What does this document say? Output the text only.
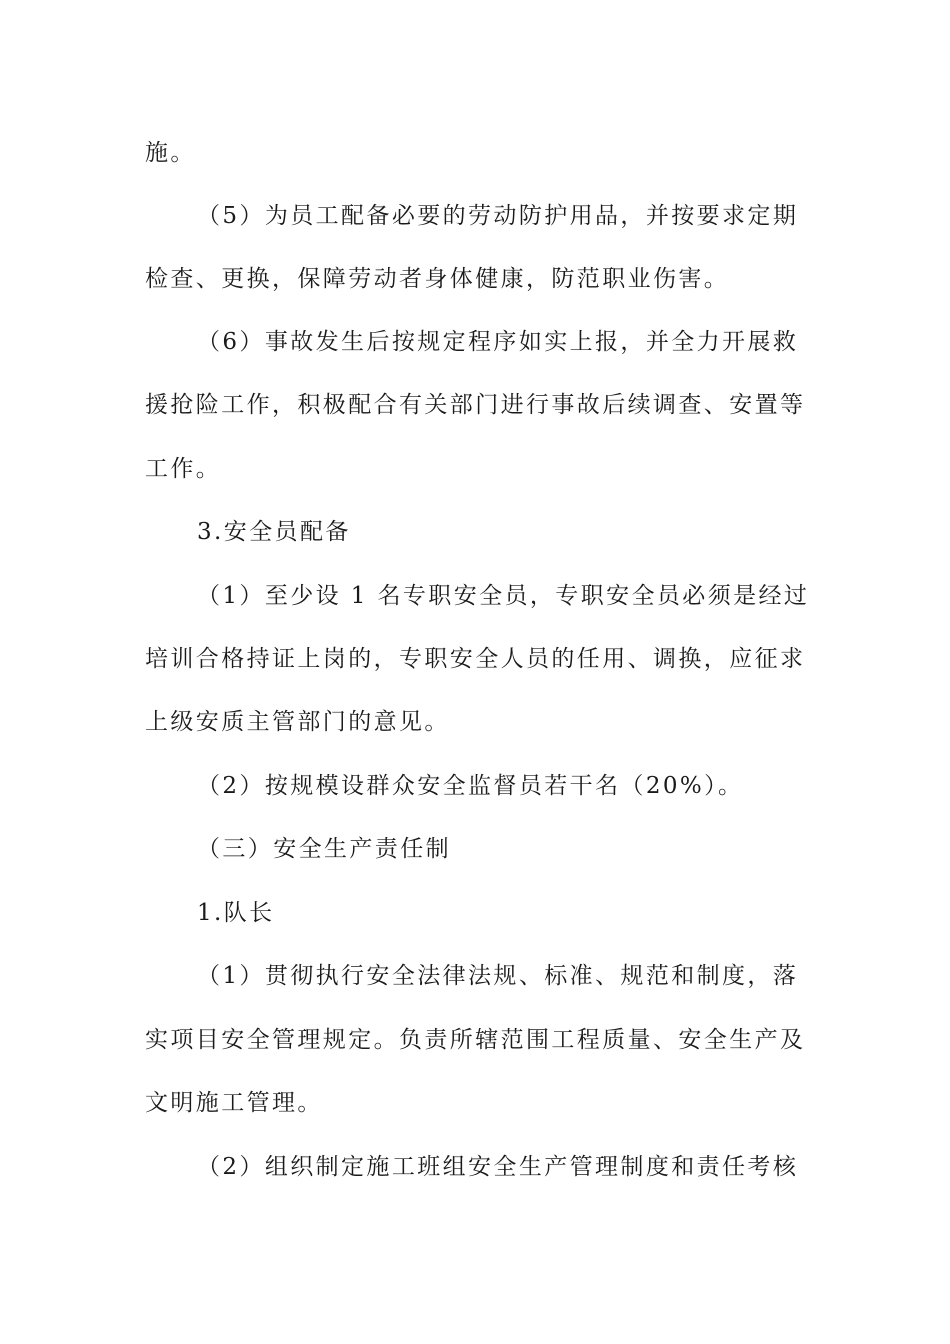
施。
（5）为员工配备必要的劳动防护用品，并按要求定期
检查、更换，保障劳动者身体健康，防范职业伤害。
（6）事故发生后按规定程序如实上报，并全力开展救
援抢险工作，积极配合有关部门进行事故后续调查、安置等
工作。
3.安全员配备
（1）至少设 1 名专职安全员，专职安全员必须是经过
培训合格持证上岗的，专职安全人员的任用、调换，应征求
上级安质主管部门的意见。
（2）按规模设群众安全监督员若干名（20%）。
（三）安全生产责任制
1.队长
（1）贯彻执行安全法律法规、标准、规范和制度，落
实项目安全管理规定。负责所辖范围工程质量、安全生产及
文明施工管理。
（2）组织制定施工班组安全生产管理制度和责任考核
